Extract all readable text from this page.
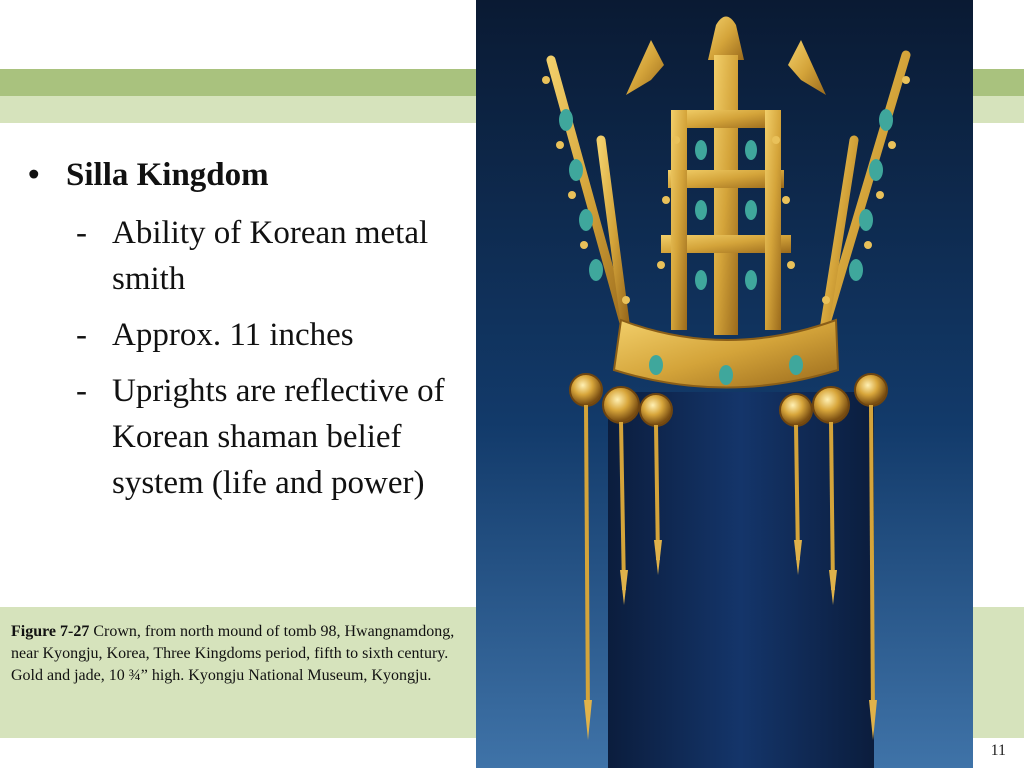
• Silla Kingdom
- Ability of Korean metal smith
- Approx. 11 inches
- Uprights are reflective of Korean shaman belief system (life and power)
Figure 7-27 Crown, from north mound of tomb 98, Hwangnamdong, near Kyongju, Korea, Three Kingdoms period, fifth to sixth century. Gold and jade, 10 ¾” high. Kyongju National Museum, Kyongju.
11
